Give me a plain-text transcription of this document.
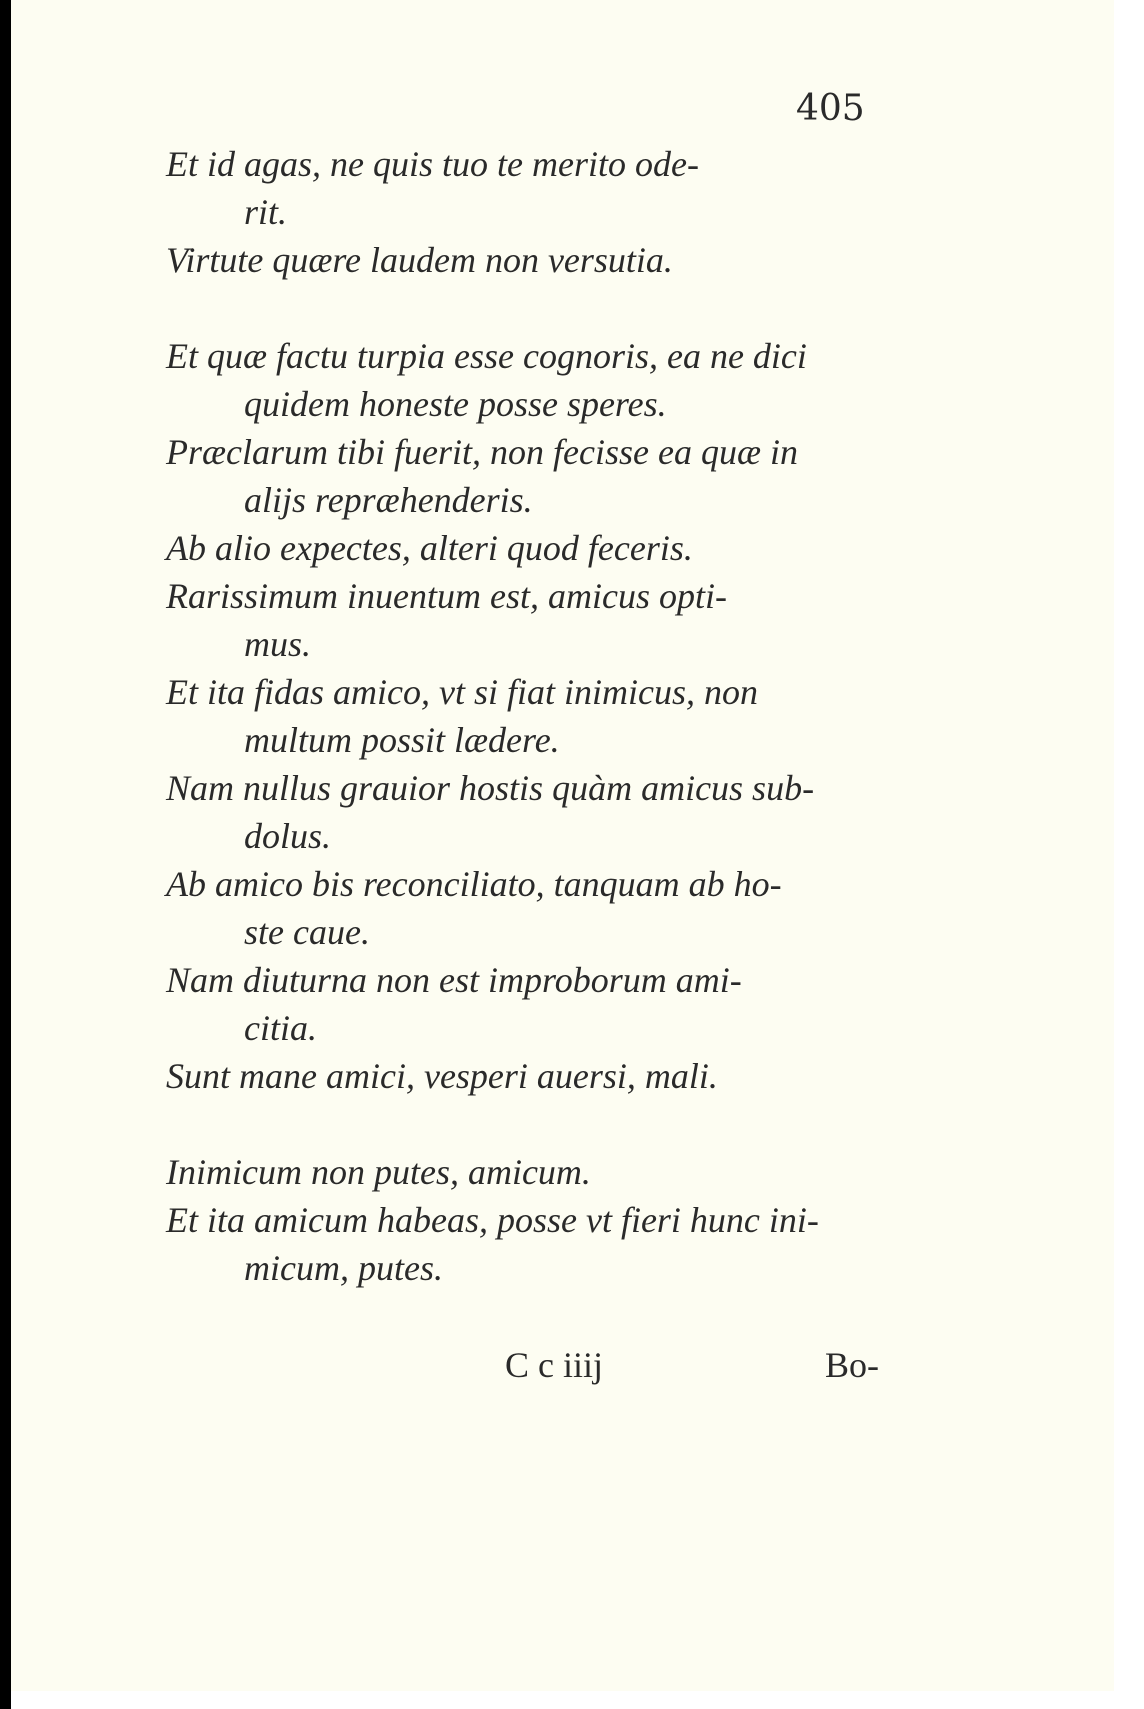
405
Et id agas, ne quis tuo te merito ode-
rit.
Virtute quære laudem non versutia.
Et quæ factu turpia esse cognoris, ea ne dici
quidem honeste posse speres.
Præclarum tibi fuerit, non fecisse ea quæ in
alijs repræhenderis.
Ab alio expectes, alteri quod feceris.
Rarissimum inuentum est, amicus opti-
mus.
Et ita fidas amico, vt si fiat inimicus, non
multum possit lædere.
Nam nullus grauior hostis quàm amicus sub-
dolus.
Ab amico bis reconciliato, tanquam ab ho-
ste caue.
Nam diuturna non est improborum ami-
citia.
Sunt mane amici, vesperi auersi, mali.
Inimicum non putes, amicum.
Et ita amicum habeas, posse vt fieri hunc ini-
micum, putes.
C c iiij	Bo-
